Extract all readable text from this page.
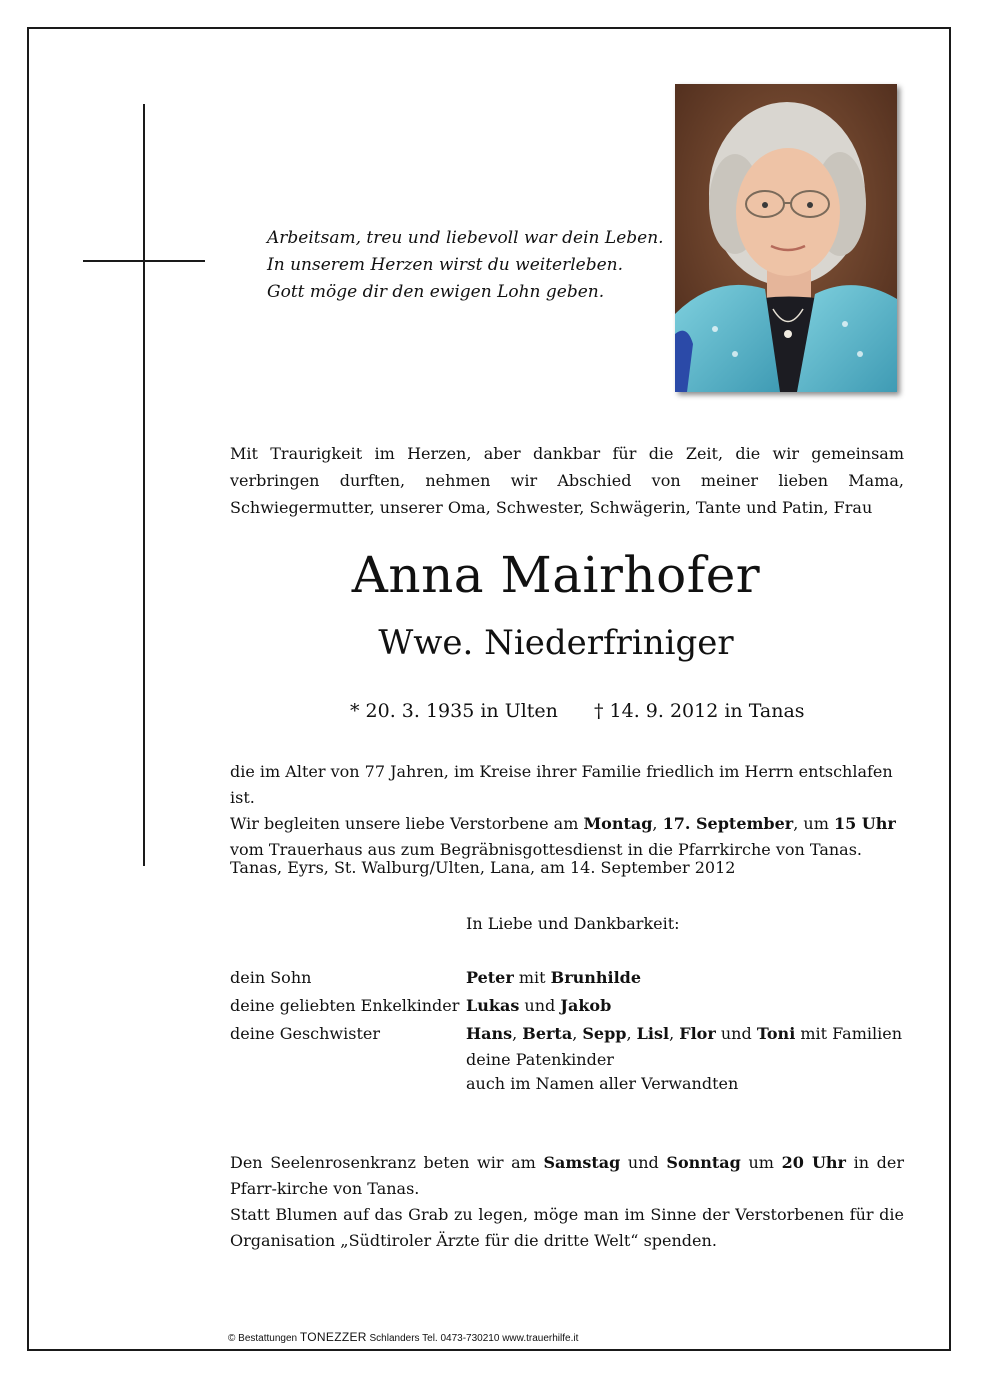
Arbeitsam, treu und liebevoll war dein Leben.
In unserem Herzen wirst du weiterleben.
Gott möge dir den ewigen Lohn geben.
Mit Traurigkeit im Herzen, aber dankbar für die Zeit, die wir gemeinsam verbringen durften, nehmen wir Abschied von meiner lieben Mama, Schwiegermutter, unserer Oma, Schwester, Schwägerin, Tante und Patin, Frau
Anna Mairhofer
Wwe. Niederfriniger
* 20. 3. 1935 in Ulten † 14. 9. 2012 in Tanas

die im Alter von 77 Jahren, im Kreise ihrer Familie friedlich im Herrn entschlafen ist.

Wir begleiten unsere liebe Verstorbene am Montag, 17. September, um 15 Uhr vom Trauerhaus aus zum Begräbnisgottesdienst in die Pfarrkirche von Tanas.

Tanas, Eyrs, St. Walburg/Ulten, Lana, am 14. September 2012
In Liebe und Dankbarkeit:
dein Sohn	Peter mit Brunhilde
deine geliebten Enkelkinder Lukas und Jakob
deine Geschwister	Hans, Berta, Sepp, Lisl, Flor und Toni mit Familien
deine Patenkinder
auch im Namen aller Verwandten

Den Seelenrosenkranz beten wir am Samstag und Sonntag um 20 Uhr in der Pfarr-kirche von Tanas.

Statt Blumen auf das Grab zu legen, möge man im Sinne der Verstorbenen für die Organisation „Südtiroler Ärzte für die dritte Welt“ spenden.

© Bestattungen TONEZZER Schlanders Tel. 0473-730210 www.trauerhilfe.it
